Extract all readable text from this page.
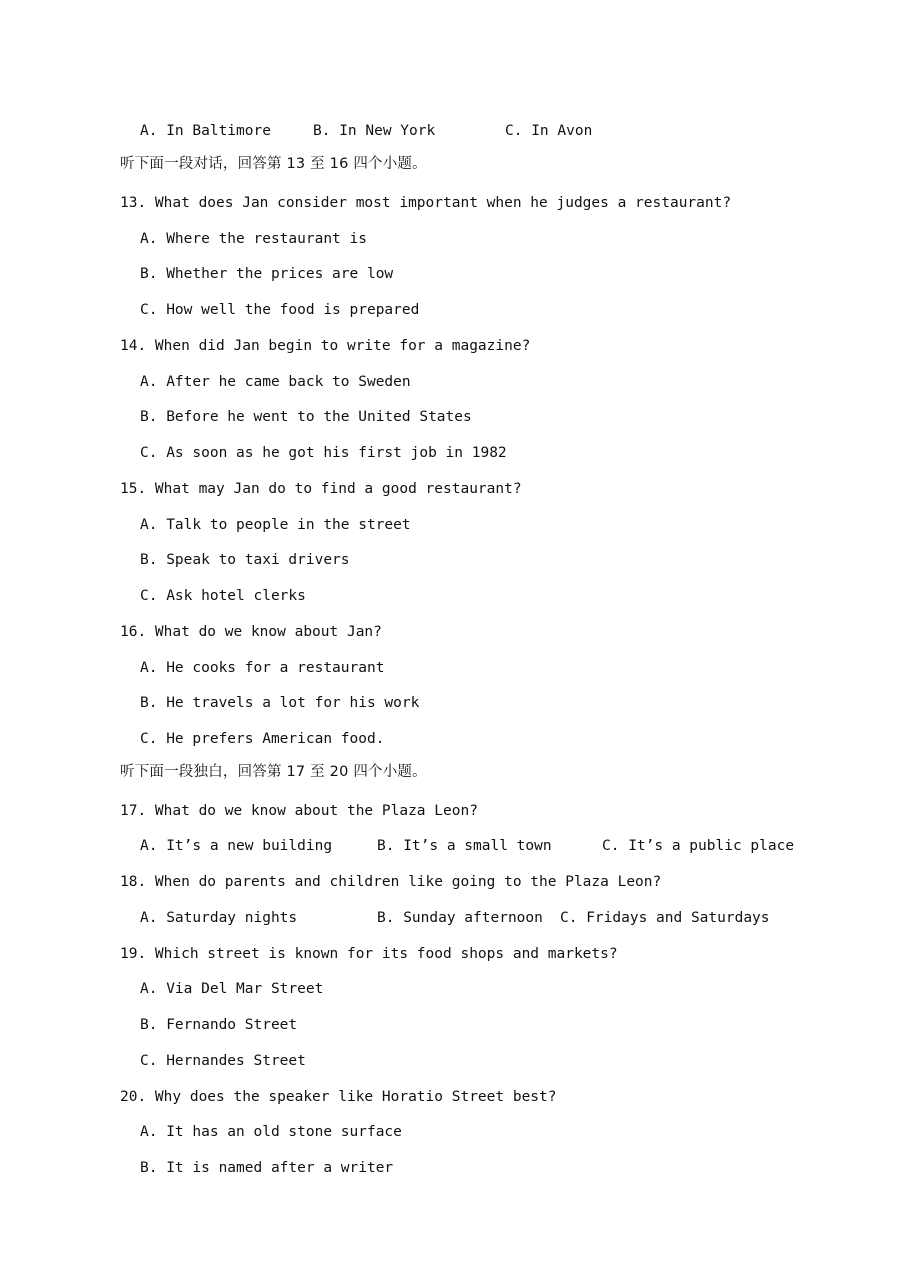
A. In Baltimore	B. In New York	C. In Avon
听下面一段对话，回答第 13 至 16 四个小题。
13. What does Jan consider most important when he judges a restaurant?
A. Where the restaurant is
B. Whether the prices are low
C. How well the food is prepared
14. When did Jan begin to write for a magazine?
A. After he came back to Sweden
B. Before he went to the United States
C. As soon as he got his first job in 1982
15. What may Jan do to find a good restaurant?
A. Talk to people in the street
B. Speak to taxi drivers
C. Ask hotel clerks
16. What do we know about Jan?
A. He cooks for a restaurant
B. He travels a lot for his work
C. He prefers American food.
听下面一段独白，回答第 17 至 20 四个小题。
17. What do we know about the Plaza Leon?
A. It’s a new building	B. It’s a small town	C. It’s a public place
18. When do parents and children like going to the Plaza Leon?
A. Saturday nights	B. Sunday afternoon C. Fridays and Saturdays
19. Which street is known for its food shops and markets?
A. Via Del Mar Street
B. Fernando Street
C. Hernandes Street
20. Why does the speaker like Horatio Street best?
A. It has an old stone surface
B. It is named after a writer
